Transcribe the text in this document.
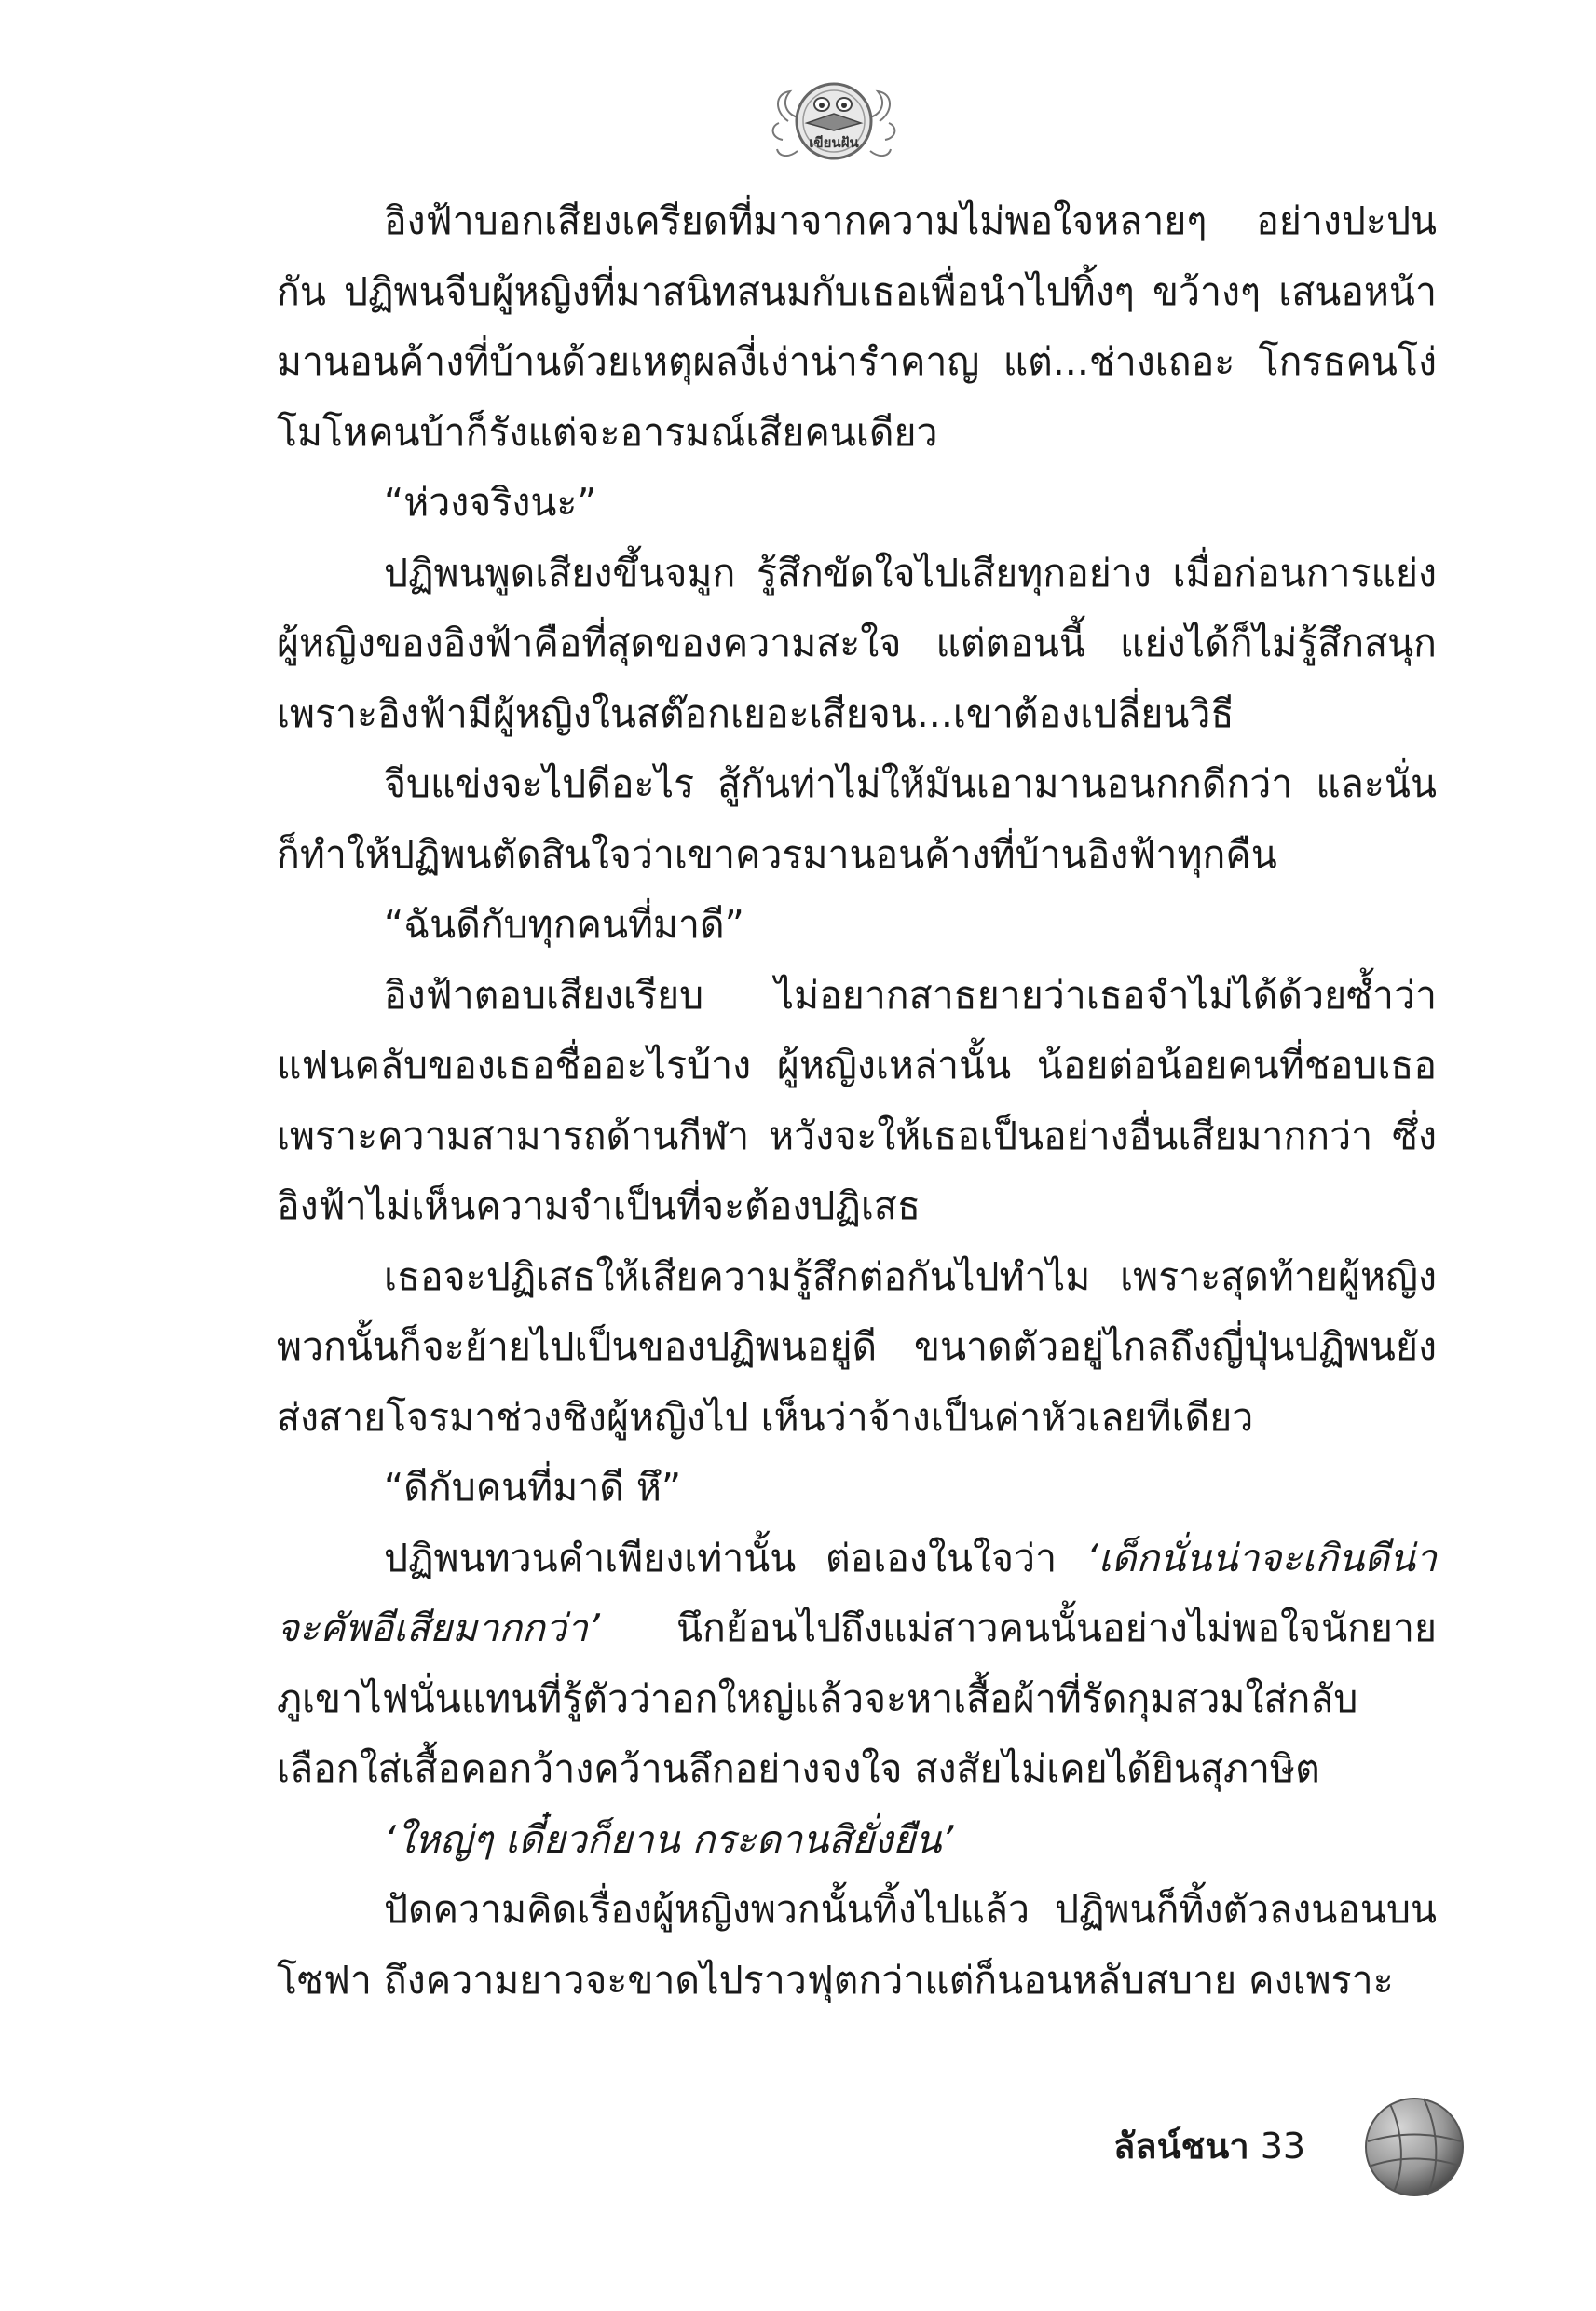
เขียนฝัน

อิงฟ้าบอกเสียงเครียดที่มาจากความไม่พอใจหลายๆ อย่างปะปนกัน ปฏิพนจีบผู้หญิงที่มาสนิทสนมกับเธอเพื่อนำไปทิ้งๆ ขว้างๆ เสนอหน้ามานอนค้างที่บ้านด้วยเหตุผลงี่เง่าน่ารำคาญ แต่...ช่างเถอะ โกรธคนโง่โมโหคนบ้าก็รังแต่จะอารมณ์เสียคนเดียว

“ห่วงจริงนะ”

ปฏิพนพูดเสียงขึ้นจมูก รู้สึกขัดใจไปเสียทุกอย่าง เมื่อก่อนการแย่งผู้หญิงของอิงฟ้าคือที่สุดของความสะใจ แต่ตอนนี้ แย่งได้ก็ไม่รู้สึกสนุกเพราะอิงฟ้ามีผู้หญิงในสต๊อกเยอะเสียจน...เขาต้องเปลี่ยนวิธี

จีบแข่งจะไปดีอะไร สู้กันท่าไม่ให้มันเอามานอนกกดีกว่า และนั่นก็ทำให้ปฏิพนตัดสินใจว่าเขาควรมานอนค้างที่บ้านอิงฟ้าทุกคืน

“ฉันดีกับทุกคนที่มาดี”

อิงฟ้าตอบเสียงเรียบ ไม่อยากสาธยายว่าเธอจำไม่ได้ด้วยซ้ำว่าแฟนคลับของเธอชื่ออะไรบ้าง ผู้หญิงเหล่านั้น น้อยต่อน้อยคนที่ชอบเธอเพราะความสามารถด้านกีฬา หวังจะให้เธอเป็นอย่างอื่นเสียมากกว่า ซึ่งอิงฟ้าไม่เห็นความจำเป็นที่จะต้องปฏิเสธ

เธอจะปฏิเสธให้เสียความรู้สึกต่อกันไปทำไม เพราะสุดท้ายผู้หญิงพวกนั้นก็จะย้ายไปเป็นของปฏิพนอยู่ดี ขนาดตัวอยู่ไกลถึงญี่ปุ่นปฏิพนยังส่งสายโจรมาช่วงชิงผู้หญิงไป เห็นว่าจ้างเป็นค่าหัวเลยทีเดียว

“ดีกับคนที่มาดี หึ”

ปฏิพนทวนคำเพียงเท่านั้น ต่อเองในใจว่า ‘เด็กนั่นน่าจะเกินดีน่าจะคัพอีเสียมากกว่า’ นึกย้อนไปถึงแม่สาวคนนั้นอย่างไม่พอใจนักยายภูเขาไฟนั่นแทนที่รู้ตัวว่าอกใหญ่แล้วจะหาเสื้อผ้าที่รัดกุมสวมใส่กลับเลือกใส่เสื้อคอกว้างคว้านลึกอย่างจงใจ สงสัยไม่เคยได้ยินสุภาษิต

‘ใหญ่ๆ เดี๋ยวก็ยาน กระดานสิยั่งยืน’

ปัดความคิดเรื่องผู้หญิงพวกนั้นทิ้งไปแล้ว ปฏิพนก็ทิ้งตัวลงนอนบนโซฟา ถึงความยาวจะขาดไปราวฟุตกว่าแต่ก็นอนหลับสบาย คงเพราะ

ลัลน์ชนา 33
